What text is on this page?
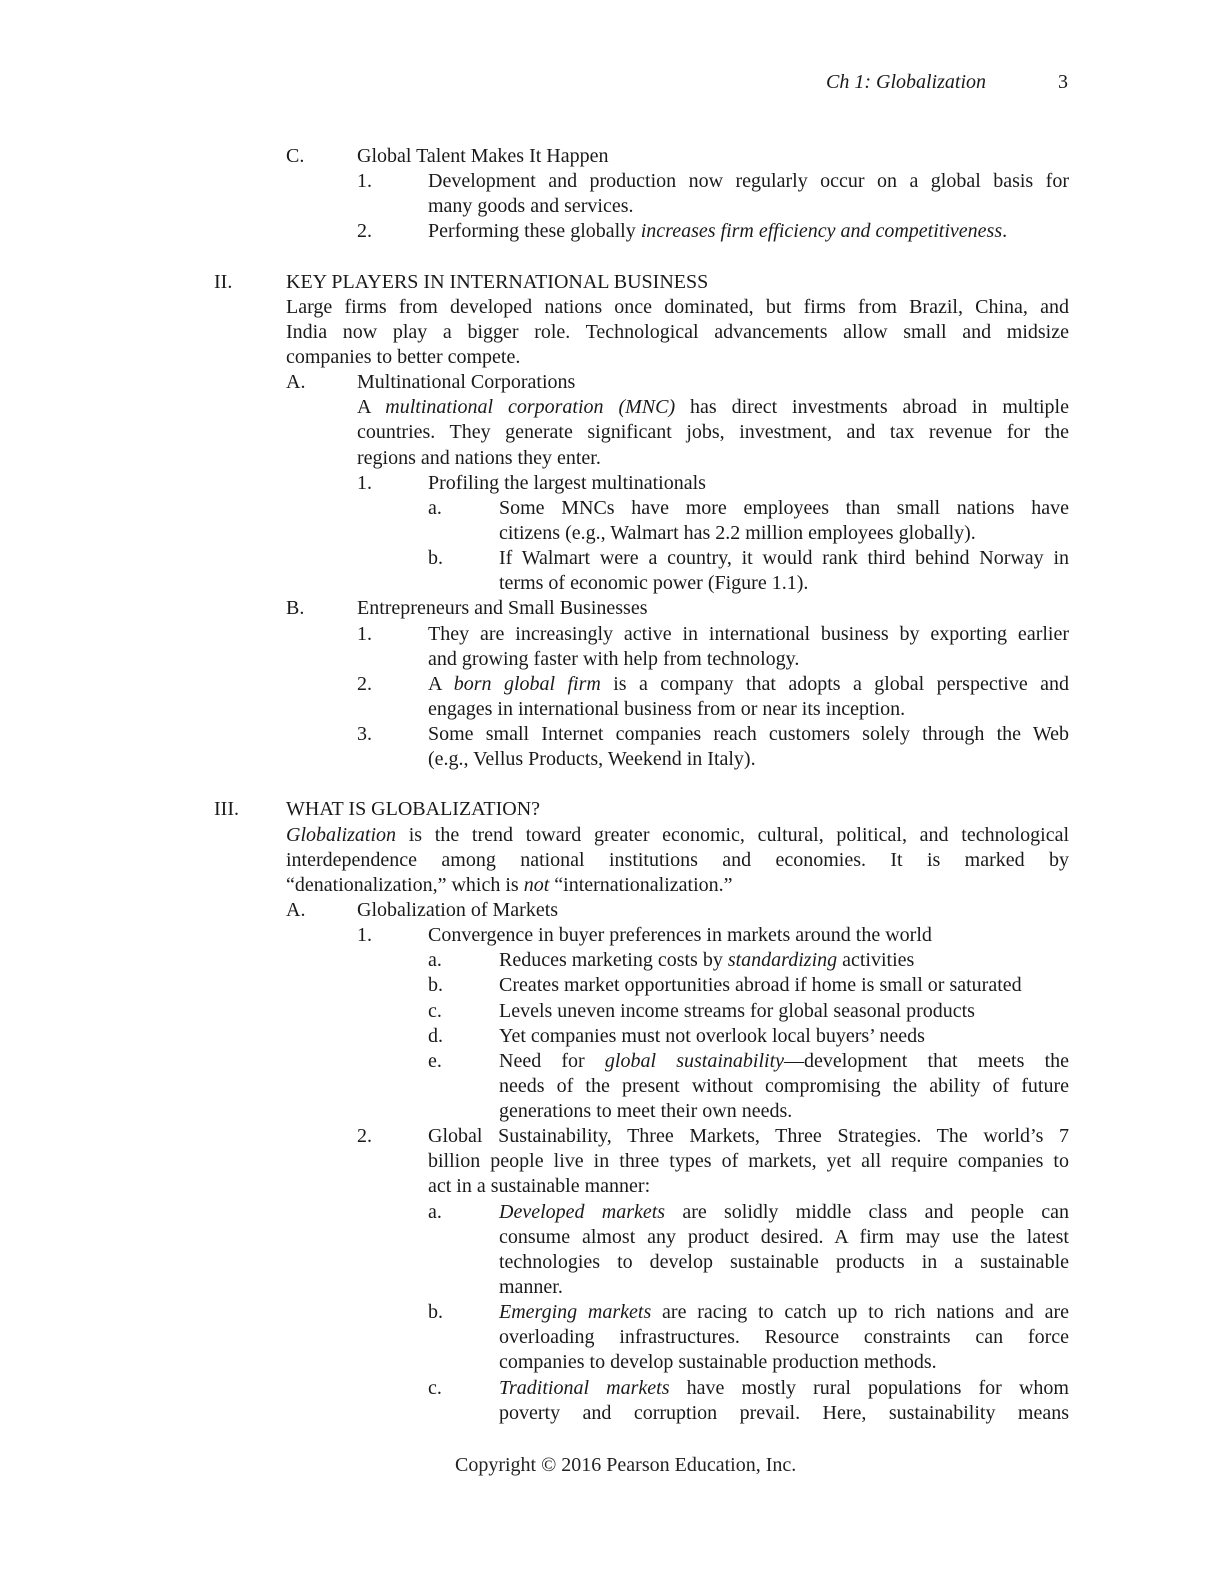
Ch 1: Globalization	3
C.	Global Talent Makes It Happen
1.	Development and production now regularly occur on a global basis for
many goods and services.
2.	Performing these globally increases firm efficiency and competitiveness.
II.	KEY PLAYERS IN INTERNATIONAL BUSINESS
Large firms from developed nations once dominated, but firms from Brazil, China, and
India now play a bigger role. Technological advancements allow small and midsize
companies to better compete.
A.	Multinational Corporations
A multinational corporation (MNC) has direct investments abroad in multiple
countries. They generate significant jobs, investment, and tax revenue for the
regions and nations they enter.
1.	Profiling the largest multinationals
a.	Some MNCs have more employees than small nations have
citizens (e.g., Walmart has 2.2 million employees globally).
b.	If Walmart were a country, it would rank third behind Norway in
terms of economic power (Figure 1.1).
B.	Entrepreneurs and Small Businesses
1.	They are increasingly active in international business by exporting earlier
and growing faster with help from technology.
2.	A born global firm is a company that adopts a global perspective and
engages in international business from or near its inception.
3.	Some small Internet companies reach customers solely through the Web
(e.g., Vellus Products, Weekend in Italy).
III. WHAT IS GLOBALIZATION?
Globalization is the trend toward greater economic, cultural, political, and technological
interdependence among national institutions and economies. It is marked by
“denationalization,” which is not “internationalization.”
A.	Globalization of Markets
1.	Convergence in buyer preferences in markets around the world
a.	Reduces marketing costs by standardizing activities
b.	Creates market opportunities abroad if home is small or saturated
c.	Levels uneven income streams for global seasonal products
d.	Yet companies must not overlook local buyers’ needs
e.	Need for global sustainability—development that meets the
needs of the present without compromising the ability of future
generations to meet their own needs.
2.	Global Sustainability, Three Markets, Three Strategies. The world’s 7
billion people live in three types of markets, yet all require companies to
act in a sustainable manner:
a.	Developed markets are solidly middle class and people can
consume almost any product desired. A firm may use the latest
technologies to develop sustainable products in a sustainable
manner.
b.	Emerging markets are racing to catch up to rich nations and are
overloading infrastructures. Resource constraints can force
companies to develop sustainable production methods.
c.	Traditional markets have mostly rural populations for whom
poverty and corruption prevail. Here, sustainability means
Copyright © 2016 Pearson Education, Inc.
